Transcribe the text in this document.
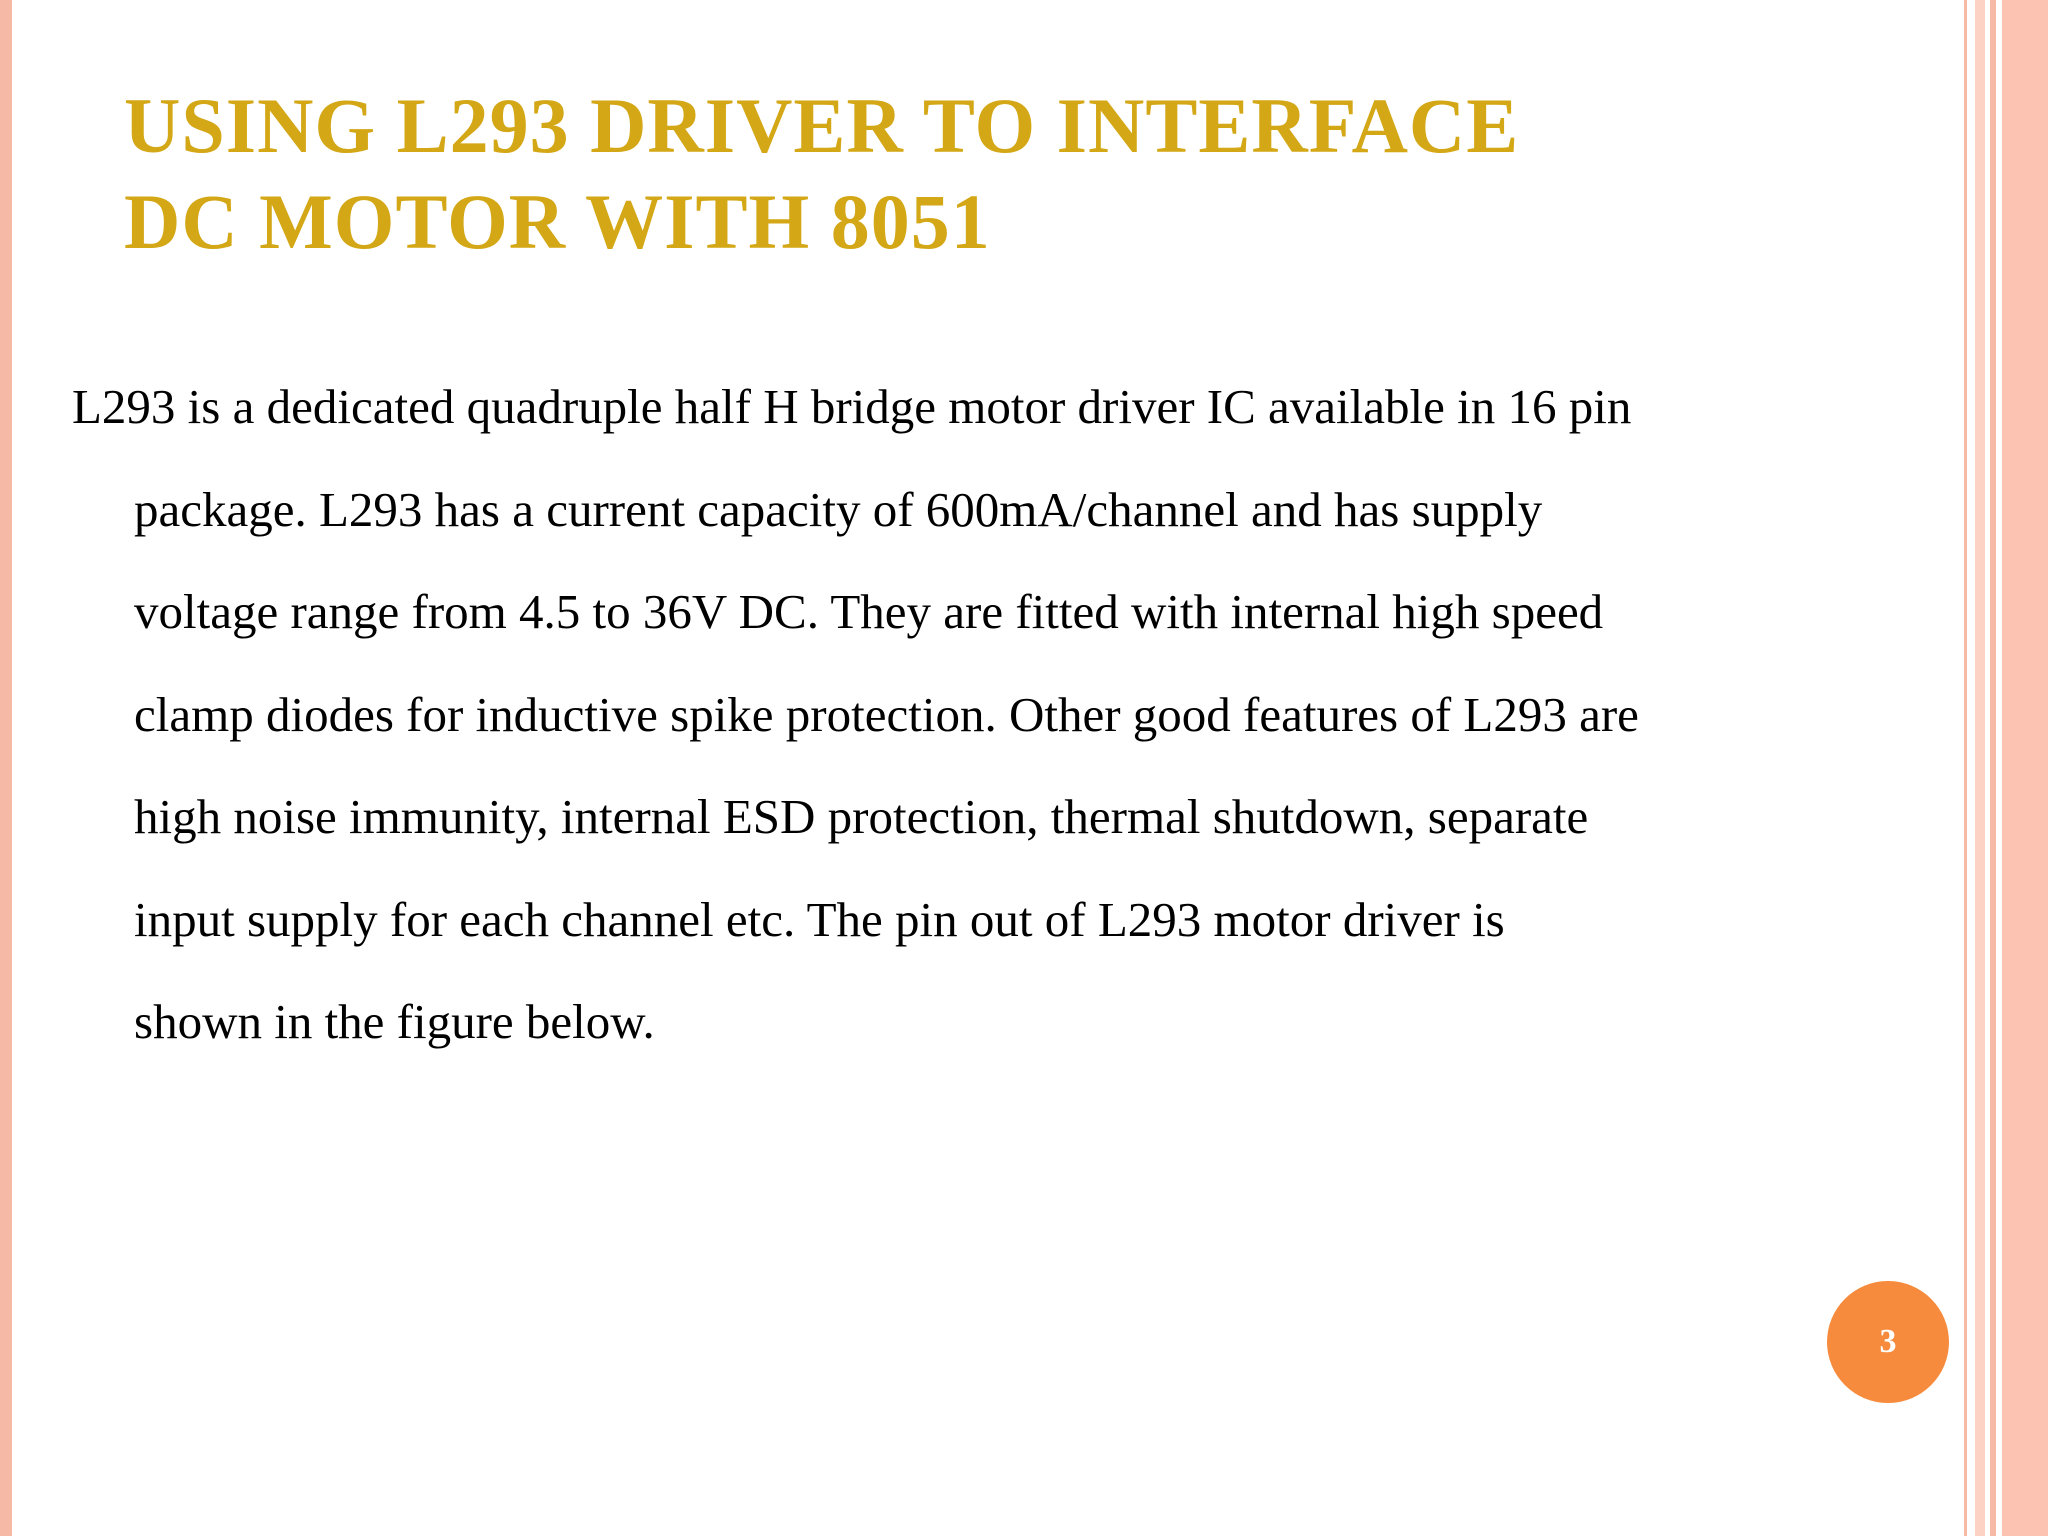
USING L293 DRIVER TO INTERFACE
DC MOTOR WITH 8051

L293 is a dedicated quadruple half H bridge motor driver IC available in 16 pin
package. L293 has a current capacity of 600mA/channel and has supply
voltage range from 4.5 to 36V DC. They are fitted with internal high speed
clamp diodes for inductive spike protection. Other good features of L293 are
high noise immunity, internal ESD protection, thermal shutdown, separate
input supply for each channel etc. The pin out of L293 motor driver is
shown in the figure below.

3
